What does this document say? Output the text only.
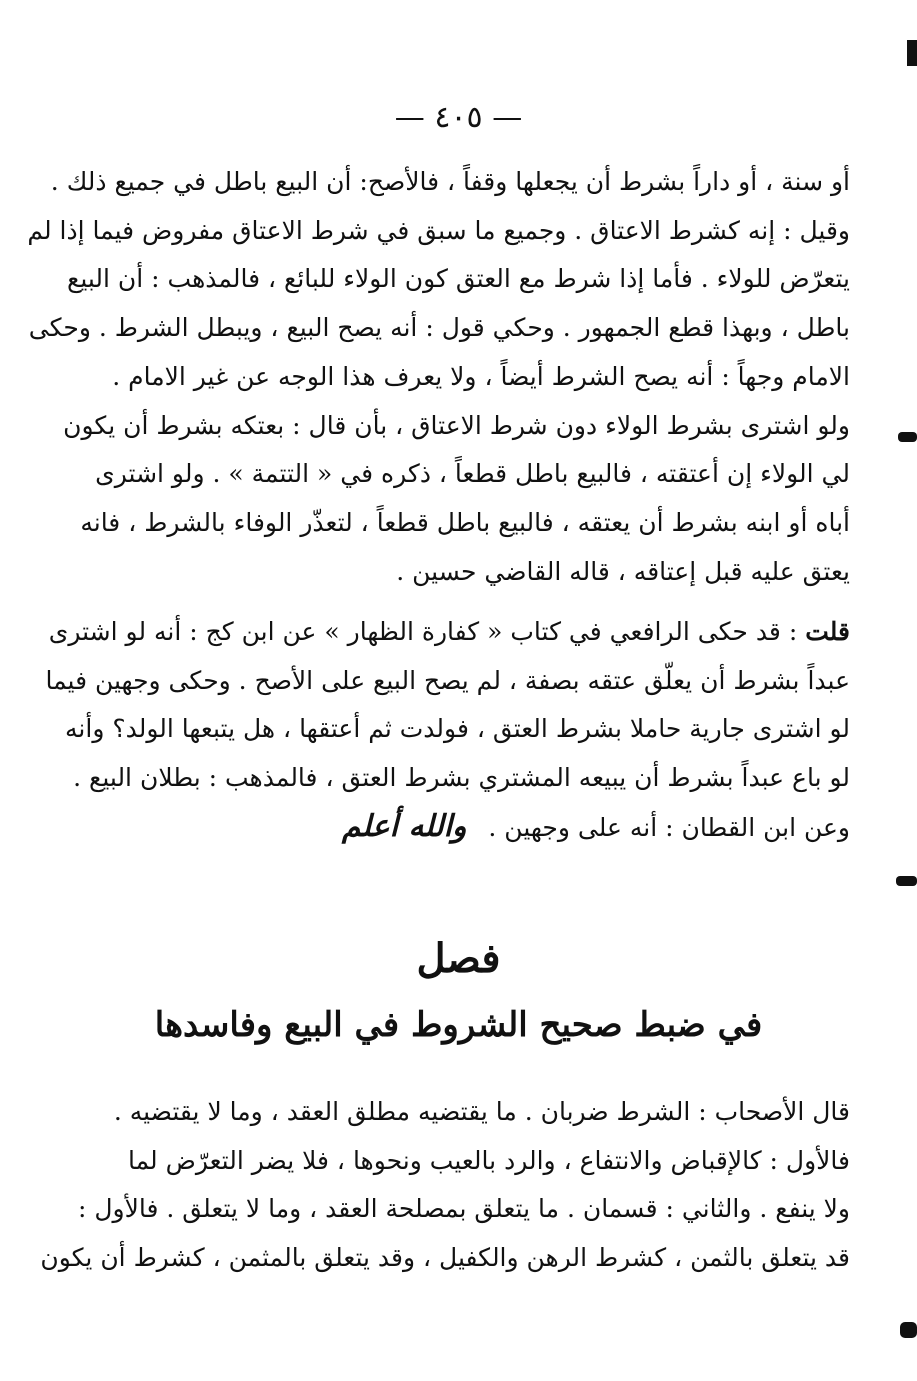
— ٤٠٥ —
أو سنة ، أو داراً بشرط أن يجعلها وقفاً ، فالأصح: أن البيع باطل في جميع ذلك .
وقيل : إنه كشرط الاعتاق . وجميع ما سبق في شرط الاعتاق مفروض فيما إذا لم
يتعرّض للولاء . فأما إذا شرط مع العتق كون الولاء للبائع ، فالمذهب : أن البيع
باطل ، وبهذا قطع الجمهور . وحكي قول : أنه يصح البيع ، ويبطل الشرط . وحكى
الامام وجهاً : أنه يصح الشرط أيضاً ، ولا يعرف هذا الوجه عن غير الامام .
ولو اشترى بشرط الولاء دون شرط الاعتاق ، بأن قال : بعتكه بشرط أن يكون
لي الولاء إن أعتقته ، فالبيع باطل قطعاً ، ذكره في « التتمة » . ولو اشترى
أباه أو ابنه بشرط أن يعتقه ، فالبيع باطل قطعاً ، لتعذّر الوفاء بالشرط ، فانه
يعتق عليه قبل إعتاقه ، قاله القاضي حسين .
قلت : قد حكى الرافعي في كتاب « كفارة الظهار » عن ابن كج : أنه لو اشترى
عبداً بشرط أن يعلّق عتقه بصفة ، لم يصح البيع على الأصح . وحكى وجهين فيما
لو اشترى جارية حاملا بشرط العتق ، فولدت ثم أعتقها ، هل يتبعها الولد؟ وأنه
لو باع عبداً بشرط أن يبيعه المشتري بشرط العتق ، فالمذهب : بطلان البيع .
وعن ابن القطان : أنه على وجهين . والله أعلم
فصل
في ضبط صحيح الشروط في البيع وفاسدها
قال الأصحاب : الشرط ضربان . ما يقتضيه مطلق العقد ، وما لا يقتضيه .
فالأول : كالإقباض والانتفاع ، والرد بالعيب ونحوها ، فلا يضر التعرّض لما
ولا ينفع . والثاني : قسمان . ما يتعلق بمصلحة العقد ، وما لا يتعلق . فالأول :
قد يتعلق بالثمن ، كشرط الرهن والكفيل ، وقد يتعلق بالمثمن ، كشرط أن يكون
